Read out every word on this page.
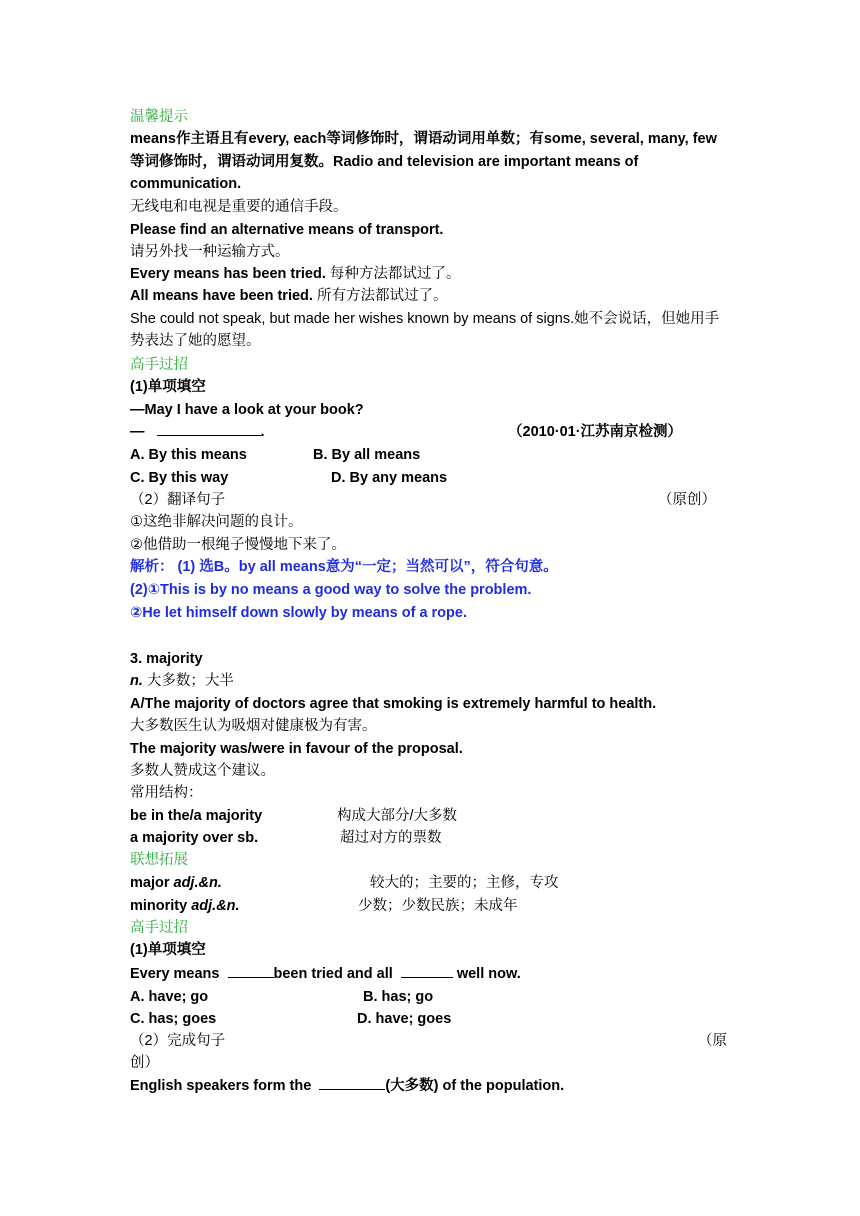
温馨提示
means作主语且有every, each等词修饰时，谓语动词用单数；有some, several, many, few等词修饰时，谓语动词用复数。Radio and television are important means of communication.
无线电和电视是重要的通信手段。
Please find an alternative means of transport.
请另外找一种运输方式。
Every means has been tried. 每种方法都试过了。
All means have been tried. 所有方法都试过了。
She could not speak, but made her wishes known by means of signs.她不会说话，但她用手势表达了她的愿望。
高手过招
(1)单项填空
—May I have a look at your book?
—	.	（2010·01·江苏南京检测）
A. By this means	B. By all means
C. By this way	D. By any means
（2）翻译句子	（原创）
①这绝非解决问题的良计。
②他借助一根绳子慢慢地下来了。
解析： (1) 选B。by all means意为“一定；当然可以”，符合句意。
(2)①This is by no means a good way to solve the problem.
②He let himself down slowly by means of a rope.
3. majority
n. 大多数；大半
A/The majority of doctors agree that smoking is extremely harmful to health.
大多数医生认为吸烟对健康极为有害。
The majority was/were in favour of the proposal.
多数人赞成这个建议。
常用结构：
be in the/a majority	构成大部分/大多数
a majority over sb.	超过对方的票数
联想拓展
major adj.&n.	较大的；主要的；主修，专攻
minority adj.&n.	少数；少数民族；未成年
高手过招
(1)单项填空
Every means	been tried and all	well now.
A. have; go	B. has; go
C. has; goes	D. have; goes
（2）完成句子	（原
创）
English speakers form the	(大多数) of the population.
